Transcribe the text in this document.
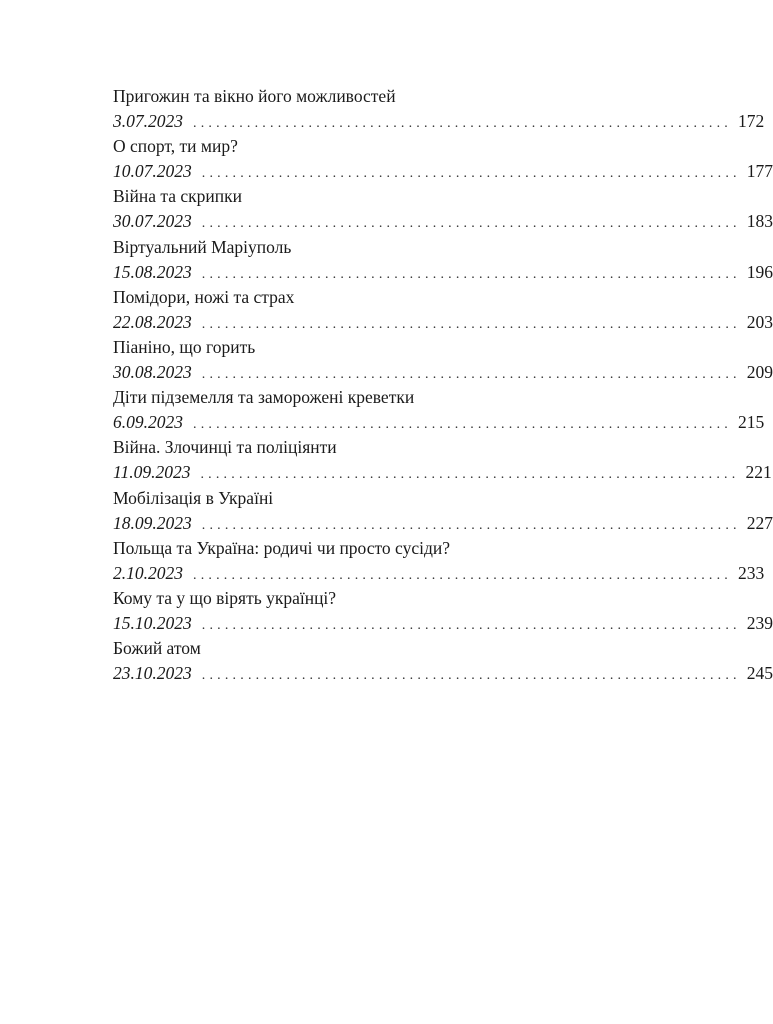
Пригожин та вікно його можливостей
3.07.2023 ...................................................................... 172
О спорт, ти мир?
10.07.2023 ...................................................................... 177
Війна та скрипки
30.07.2023 ...................................................................... 183
Віртуальний Маріуполь
15.08.2023 ...................................................................... 196
Помідори, ножі та страх
22.08.2023 ...................................................................... 203
Піаніно, що горить
30.08.2023 ...................................................................... 209
Діти підземелля та заморожені креветки
6.09.2023 ...................................................................... 215
Війна. Злочинці та поліціянти
11.09.2023 ...................................................................... 221
Мобілізація в Україні
18.09.2023 ...................................................................... 227
Польща та Україна: родичі чи просто сусіди?
2.10.2023 ...................................................................... 233
Кому та у що вірять українці?
15.10.2023 ...................................................................... 239
Божий атом
23.10.2023 ...................................................................... 245
